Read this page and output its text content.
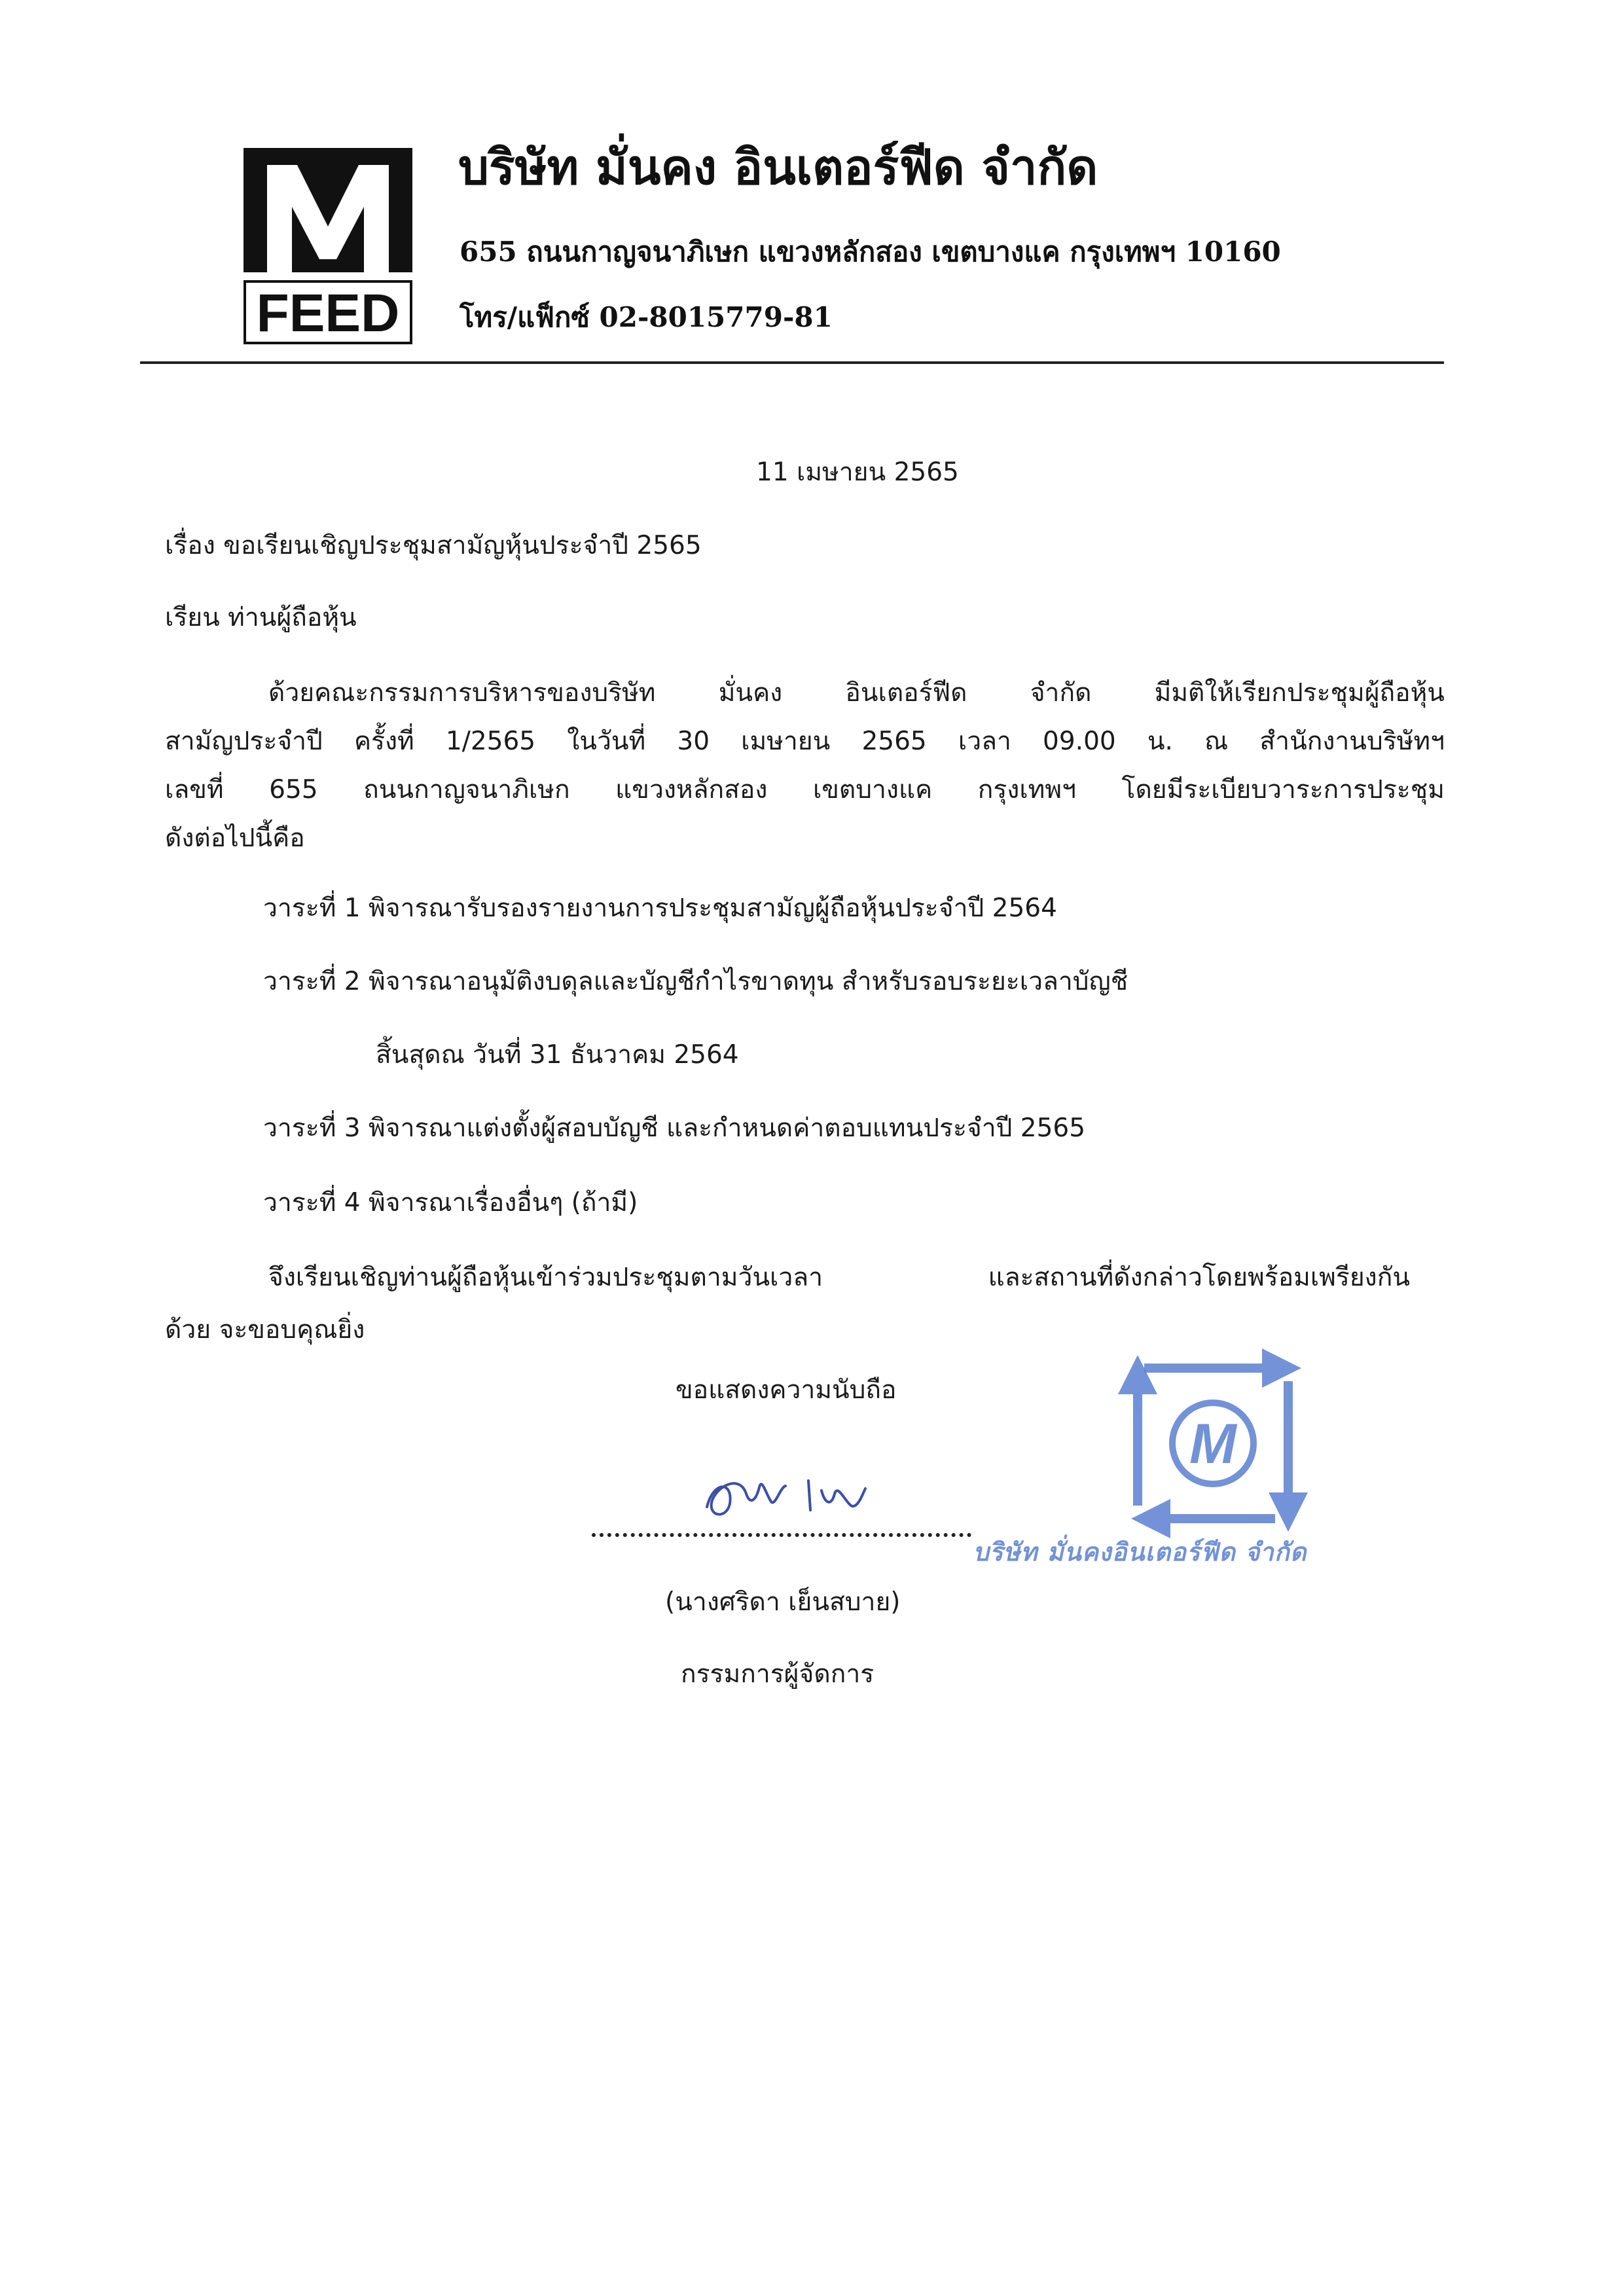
FEED
บริษัท มั่นคง อินเตอร์ฟีด จำกัด
655 ถนนกาญจนาภิเษก แขวงหลักสอง เขตบางแค กรุงเทพฯ 10160
โทร/แฟ็กซ์ 02-8015779-81
11 เมษายน 2565
เรื่อง ขอเรียนเชิญประชุมสามัญหุ้นประจำปี 2565
เรียน ท่านผู้ถือหุ้น
ด้วยคณะกรรมการบริหารของบริษัท มั่นคง อินเตอร์ฟีด จำกัด มีมติให้เรียกประชุมผู้ถือหุ้น
สามัญประจำปี ครั้งที่ 1/2565 ในวันที่ 30 เมษายน 2565 เวลา 09.00 น. ณ สำนักงานบริษัทฯ
เลขที่ 655 ถนนกาญจนาภิเษก แขวงหลักสอง เขตบางแค กรุงเทพฯ โดยมีระเบียบวาระการประชุม
ดังต่อไปนี้คือ
วาระที่ 1 พิจารณารับรองรายงานการประชุมสามัญผู้ถือหุ้นประจำปี 2564
วาระที่ 2 พิจารณาอนุมัติงบดุลและบัญชีกำไรขาดทุน สำหรับรอบระยะเวลาบัญชี
สิ้นสุดณ วันที่ 31 ธันวาคม 2564
วาระที่ 3 พิจารณาแต่งตั้งผู้สอบบัญชี และกำหนดค่าตอบแทนประจำปี 2565
วาระที่ 4 พิจารณาเรื่องอื่นๆ (ถ้ามี)
จึงเรียนเชิญท่านผู้ถือหุ้นเข้าร่วมประชุมตามวันเวลา	และสถานที่ดังกล่าวโดยพร้อมเพรียงกัน
ด้วย จะขอบคุณยิ่ง
ขอแสดงความนับถือ
(นางศริดา เย็นสบาย)
กรรมการผู้จัดการ
M
บริษัท มั่นคงอินเตอร์ฟีด จำกัด
